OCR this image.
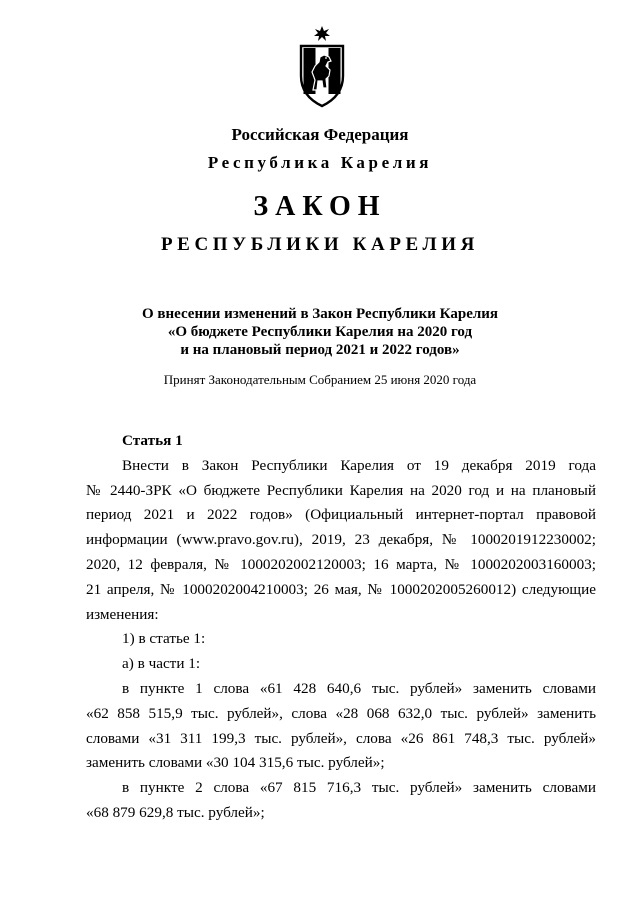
Российская Федерация
Республика Карелия
ЗАКОН
РЕСПУБЛИКИ КАРЕЛИЯ
О внесении изменений в Закон Республики Карелия
«О бюджете Республики Карелия на 2020 год
и на плановый период 2021 и 2022 годов»
Принят Законодательным Собранием 25 июня 2020 года

Статья 1

Внести в Закон Республики Карелия от 19 декабря 2019 года

№ 2440-ЗРК «О бюджете Республики Карелия на 2020 год и на плановый

период 2021 и 2022 годов» (Официальный интернет-портал правовой

информации (www.pravo.gov.ru), 2019, 23 декабря, № 1000201912230002;

2020, 12 февраля, № 1000202002120003; 16 марта, № 1000202003160003;

21 апреля, № 1000202004210003; 26 мая, № 1000202005260012) следующие

изменения:

1) в статье 1:

а) в части 1:

в пункте 1 слова «61 428 640,6 тыс. рублей» заменить словами

«62 858 515,9 тыс. рублей», слова «28 068 632,0 тыс. рублей» заменить

словами «31 311 199,3 тыс. рублей», слова «26 861 748,3 тыс. рублей»

заменить словами «30 104 315,6 тыс. рублей»;

в пункте 2 слова «67 815 716,3 тыс. рублей» заменить словами

«68 879 629,8 тыс. рублей»;
